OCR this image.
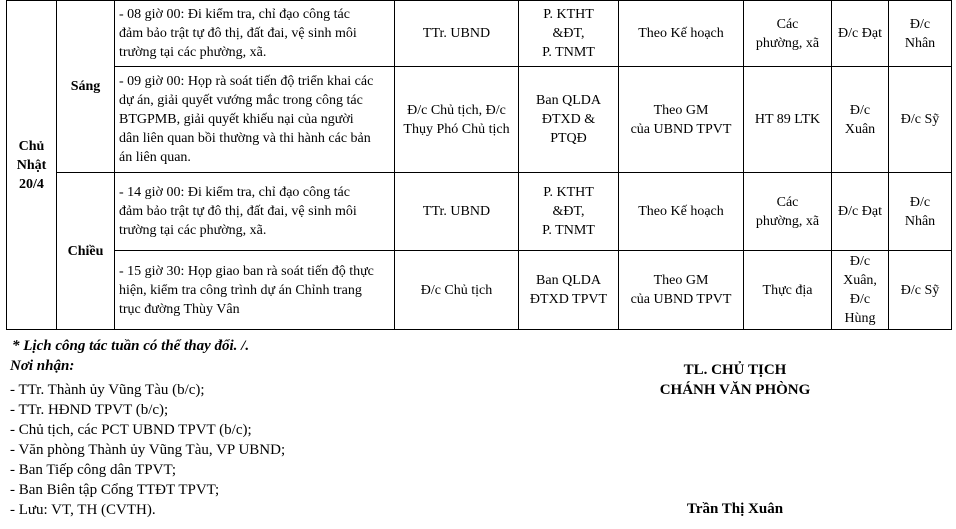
Chủ
Nhật
20/4	Sáng	- 08 giờ 00: Đi kiểm tra, chỉ đạo công tác
đảm bảo trật tự đô thị, đất đai, vệ sinh môi
trường tại các phường, xã.	TTr. UBND	P. KTHT
&ĐT,
P. TNMT	Theo Kế hoạch	Các
phường, xã	Đ/c Đạt	Đ/c
Nhân

		- 09 giờ 00: Họp rà soát tiến độ triển khai các
dự án, giải quyết vướng mắc trong công tác
BTGPMB, giải quyết khiếu nại của người
dân liên quan bồi thường và thi hành các bản
án liên quan.	Đ/c Chủ tịch, Đ/c
Thụy Phó Chủ tịch	Ban QLDA
ĐTXD &
PTQĐ	Theo GM
của UBND TPVT	HT 89 LTK	Đ/c
Xuân	Đ/c Sỹ

	Chiều	- 14 giờ 00: Đi kiểm tra, chỉ đạo công tác
đảm bảo trật tự đô thị, đất đai, vệ sinh môi
trường tại các phường, xã.	TTr. UBND	P. KTHT
&ĐT,
P. TNMT	Theo Kế hoạch	Các
phường, xã	Đ/c Đạt	Đ/c
Nhân

		- 15 giờ 30: Họp giao ban rà soát tiến độ thực
hiện, kiểm tra công trình dự án Chỉnh trang
trục đường Thùy Vân	Đ/c Chủ tịch	Ban QLDA
ĐTXD TPVT	Theo GM
của UBND TPVT	Thực địa	Đ/c
Xuân,
Đ/c
Hùng	Đ/c Sỹ
* Lịch công tác tuần có thể thay đổi. /.
Nơi nhận:
- TTr. Thành ủy Vũng Tàu (b/c);
- TTr. HĐND TPVT (b/c);
- Chủ tịch, các PCT UBND TPVT (b/c);
- Văn phòng Thành ủy Vũng Tàu, VP UBND;
- Ban Tiếp công dân TPVT;
- Ban Biên tập Cổng TTĐT TPVT;
- Lưu: VT, TH (CVTH).
TL. CHỦ TỊCH
CHÁNH VĂN PHÒNG
Trần Thị Xuân
